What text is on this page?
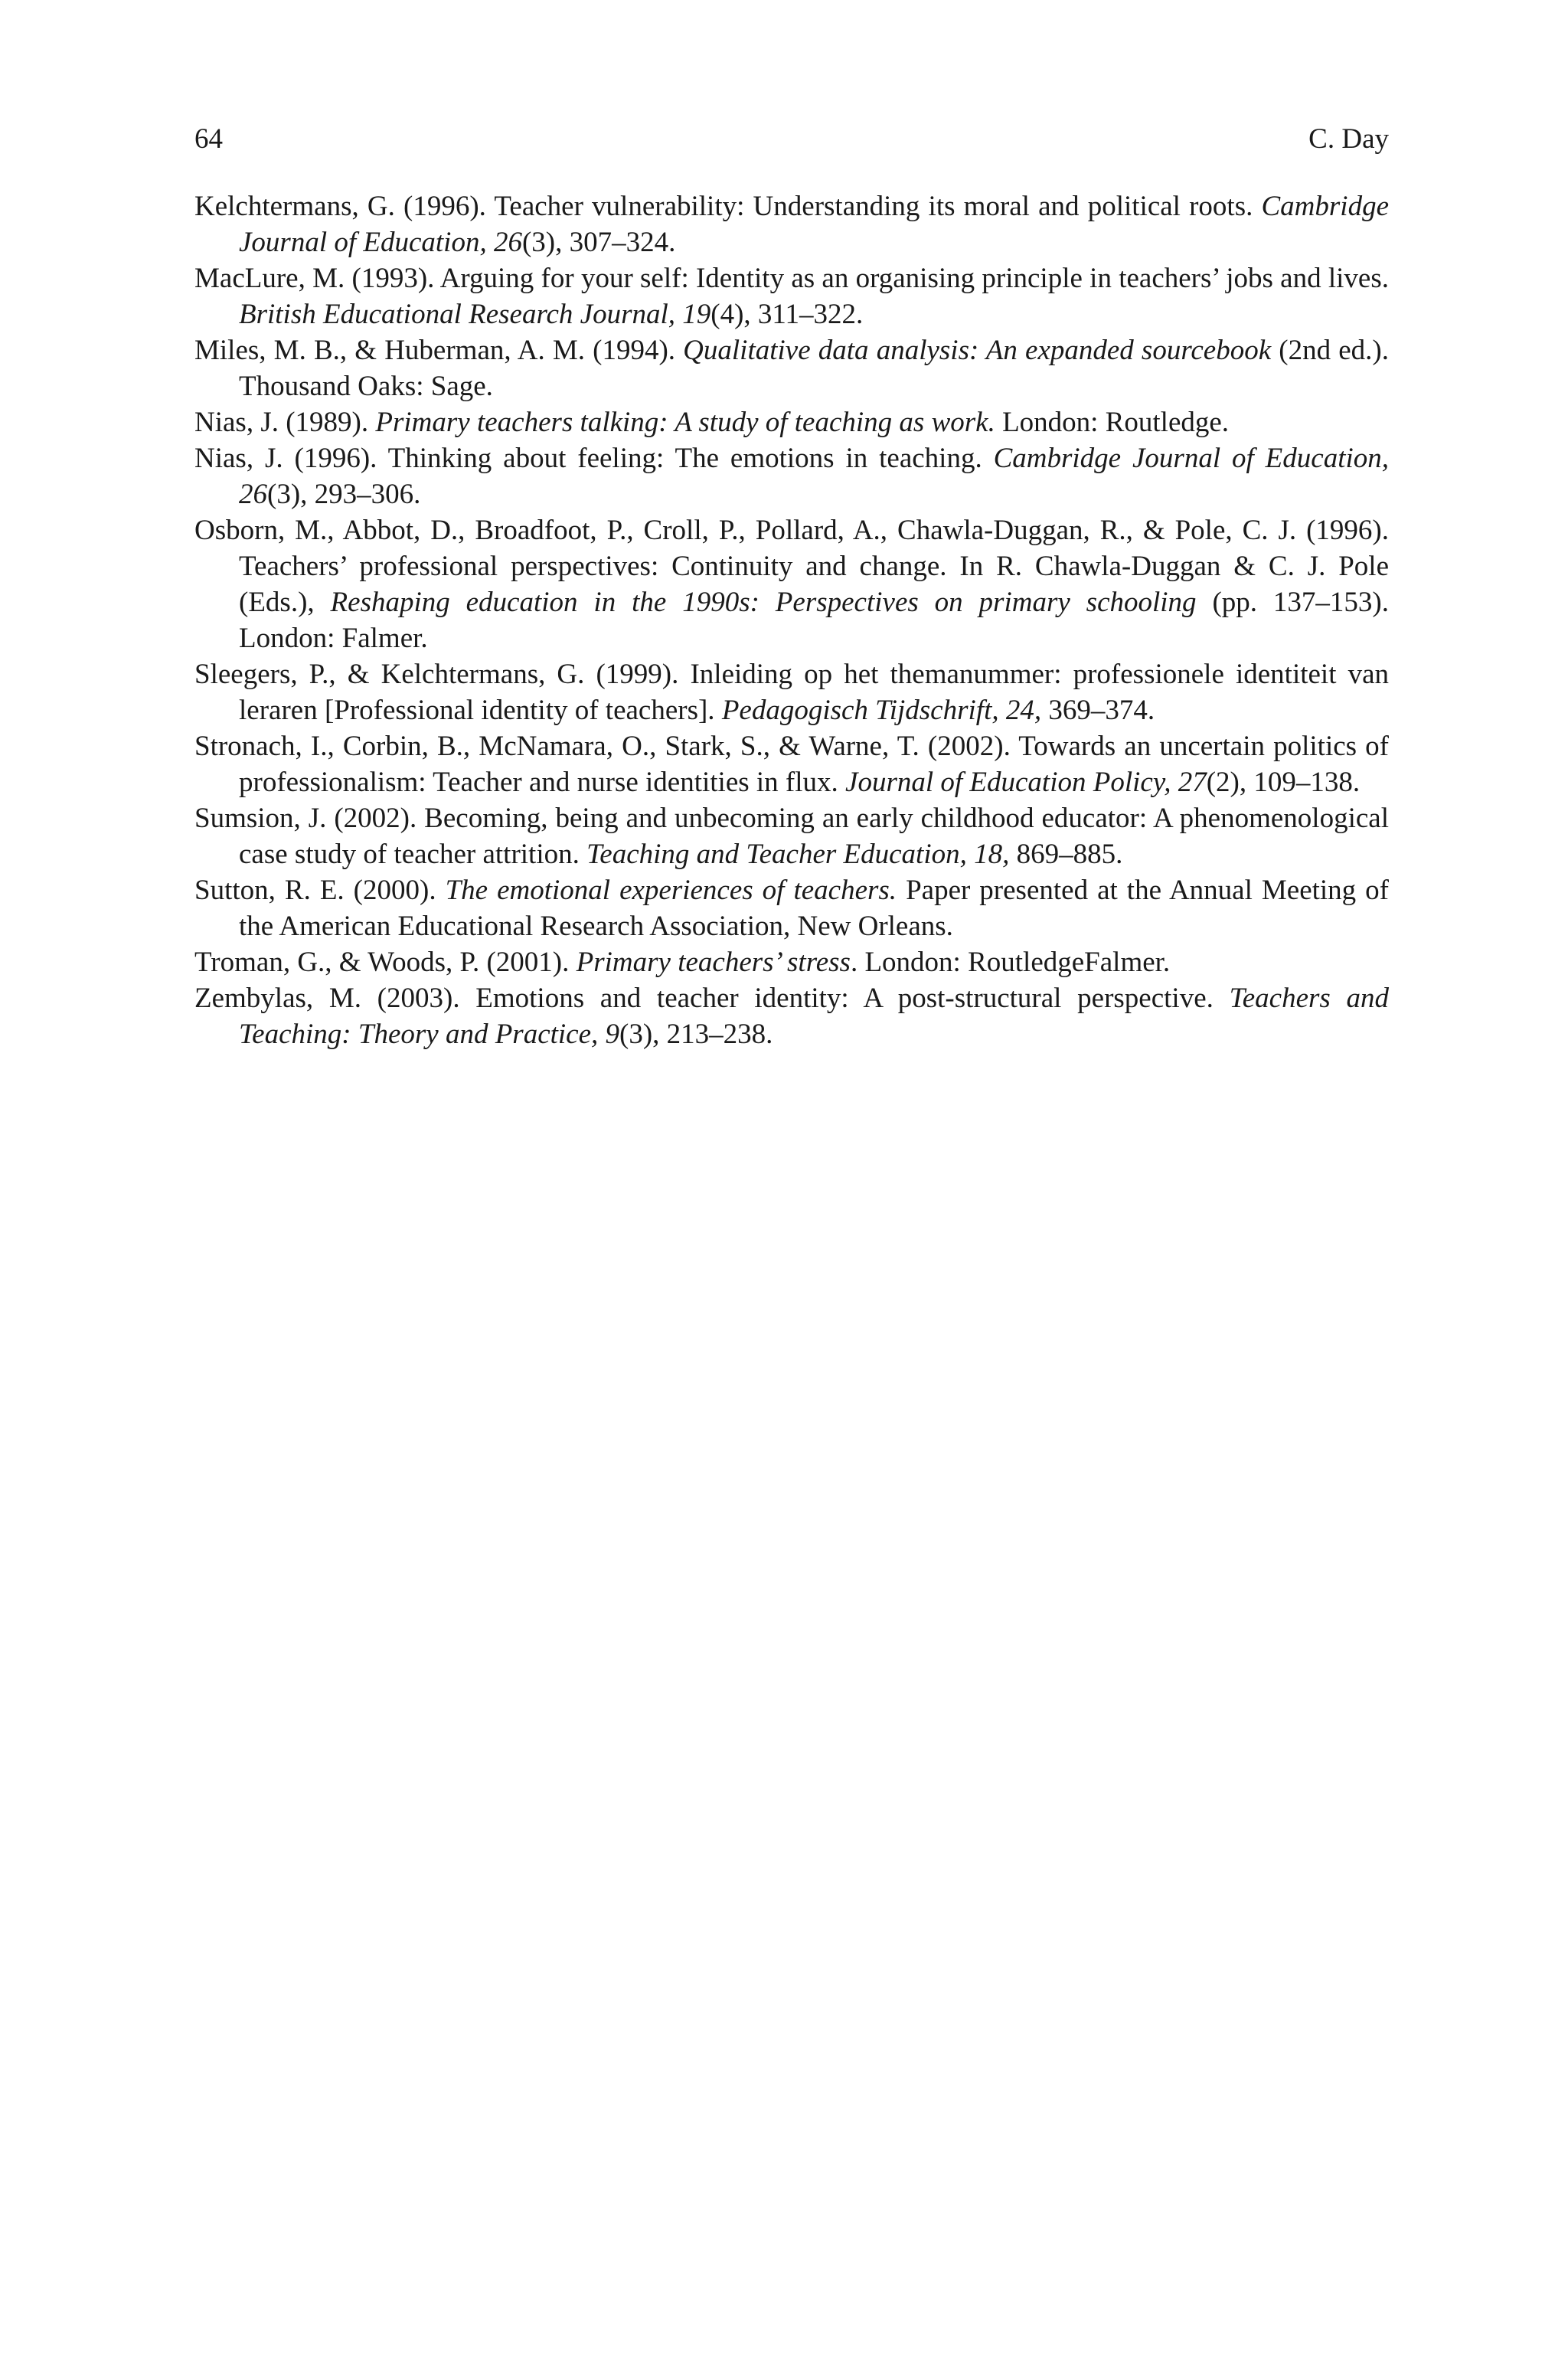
64	C. Day
Kelchtermans, G. (1996). Teacher vulnerability: Understanding its moral and political roots. Cambridge Journal of Education, 26(3), 307–324.
MacLure, M. (1993). Arguing for your self: Identity as an organising principle in teachers’ jobs and lives. British Educational Research Journal, 19(4), 311–322.
Miles, M. B., & Huberman, A. M. (1994). Qualitative data analysis: An expanded sourcebook (2nd ed.). Thousand Oaks: Sage.
Nias, J. (1989). Primary teachers talking: A study of teaching as work. London: Routledge.
Nias, J. (1996). Thinking about feeling: The emotions in teaching. Cambridge Journal of Education, 26(3), 293–306.
Osborn, M., Abbot, D., Broadfoot, P., Croll, P., Pollard, A., Chawla-Duggan, R., & Pole, C. J. (1996). Teachers’ professional perspectives: Continuity and change. In R. Chawla-Duggan & C. J. Pole (Eds.), Reshaping education in the 1990s: Perspectives on primary schooling (pp. 137–153). London: Falmer.
Sleegers, P., & Kelchtermans, G. (1999). Inleiding op het themanummer: professionele identiteit van leraren [Professional identity of teachers]. Pedagogisch Tijdschrift, 24, 369–374.
Stronach, I., Corbin, B., McNamara, O., Stark, S., & Warne, T. (2002). Towards an uncertain politics of professionalism: Teacher and nurse identities in flux. Journal of Education Policy, 27(2), 109–138.
Sumsion, J. (2002). Becoming, being and unbecoming an early childhood educator: A phenomenological case study of teacher attrition. Teaching and Teacher Education, 18, 869–885.
Sutton, R. E. (2000). The emotional experiences of teachers. Paper presented at the Annual Meeting of the American Educational Research Association, New Orleans.
Troman, G., & Woods, P. (2001). Primary teachers’ stress. London: RoutledgeFalmer.
Zembylas, M. (2003). Emotions and teacher identity: A post-structural perspective. Teachers and Teaching: Theory and Practice, 9(3), 213–238.
